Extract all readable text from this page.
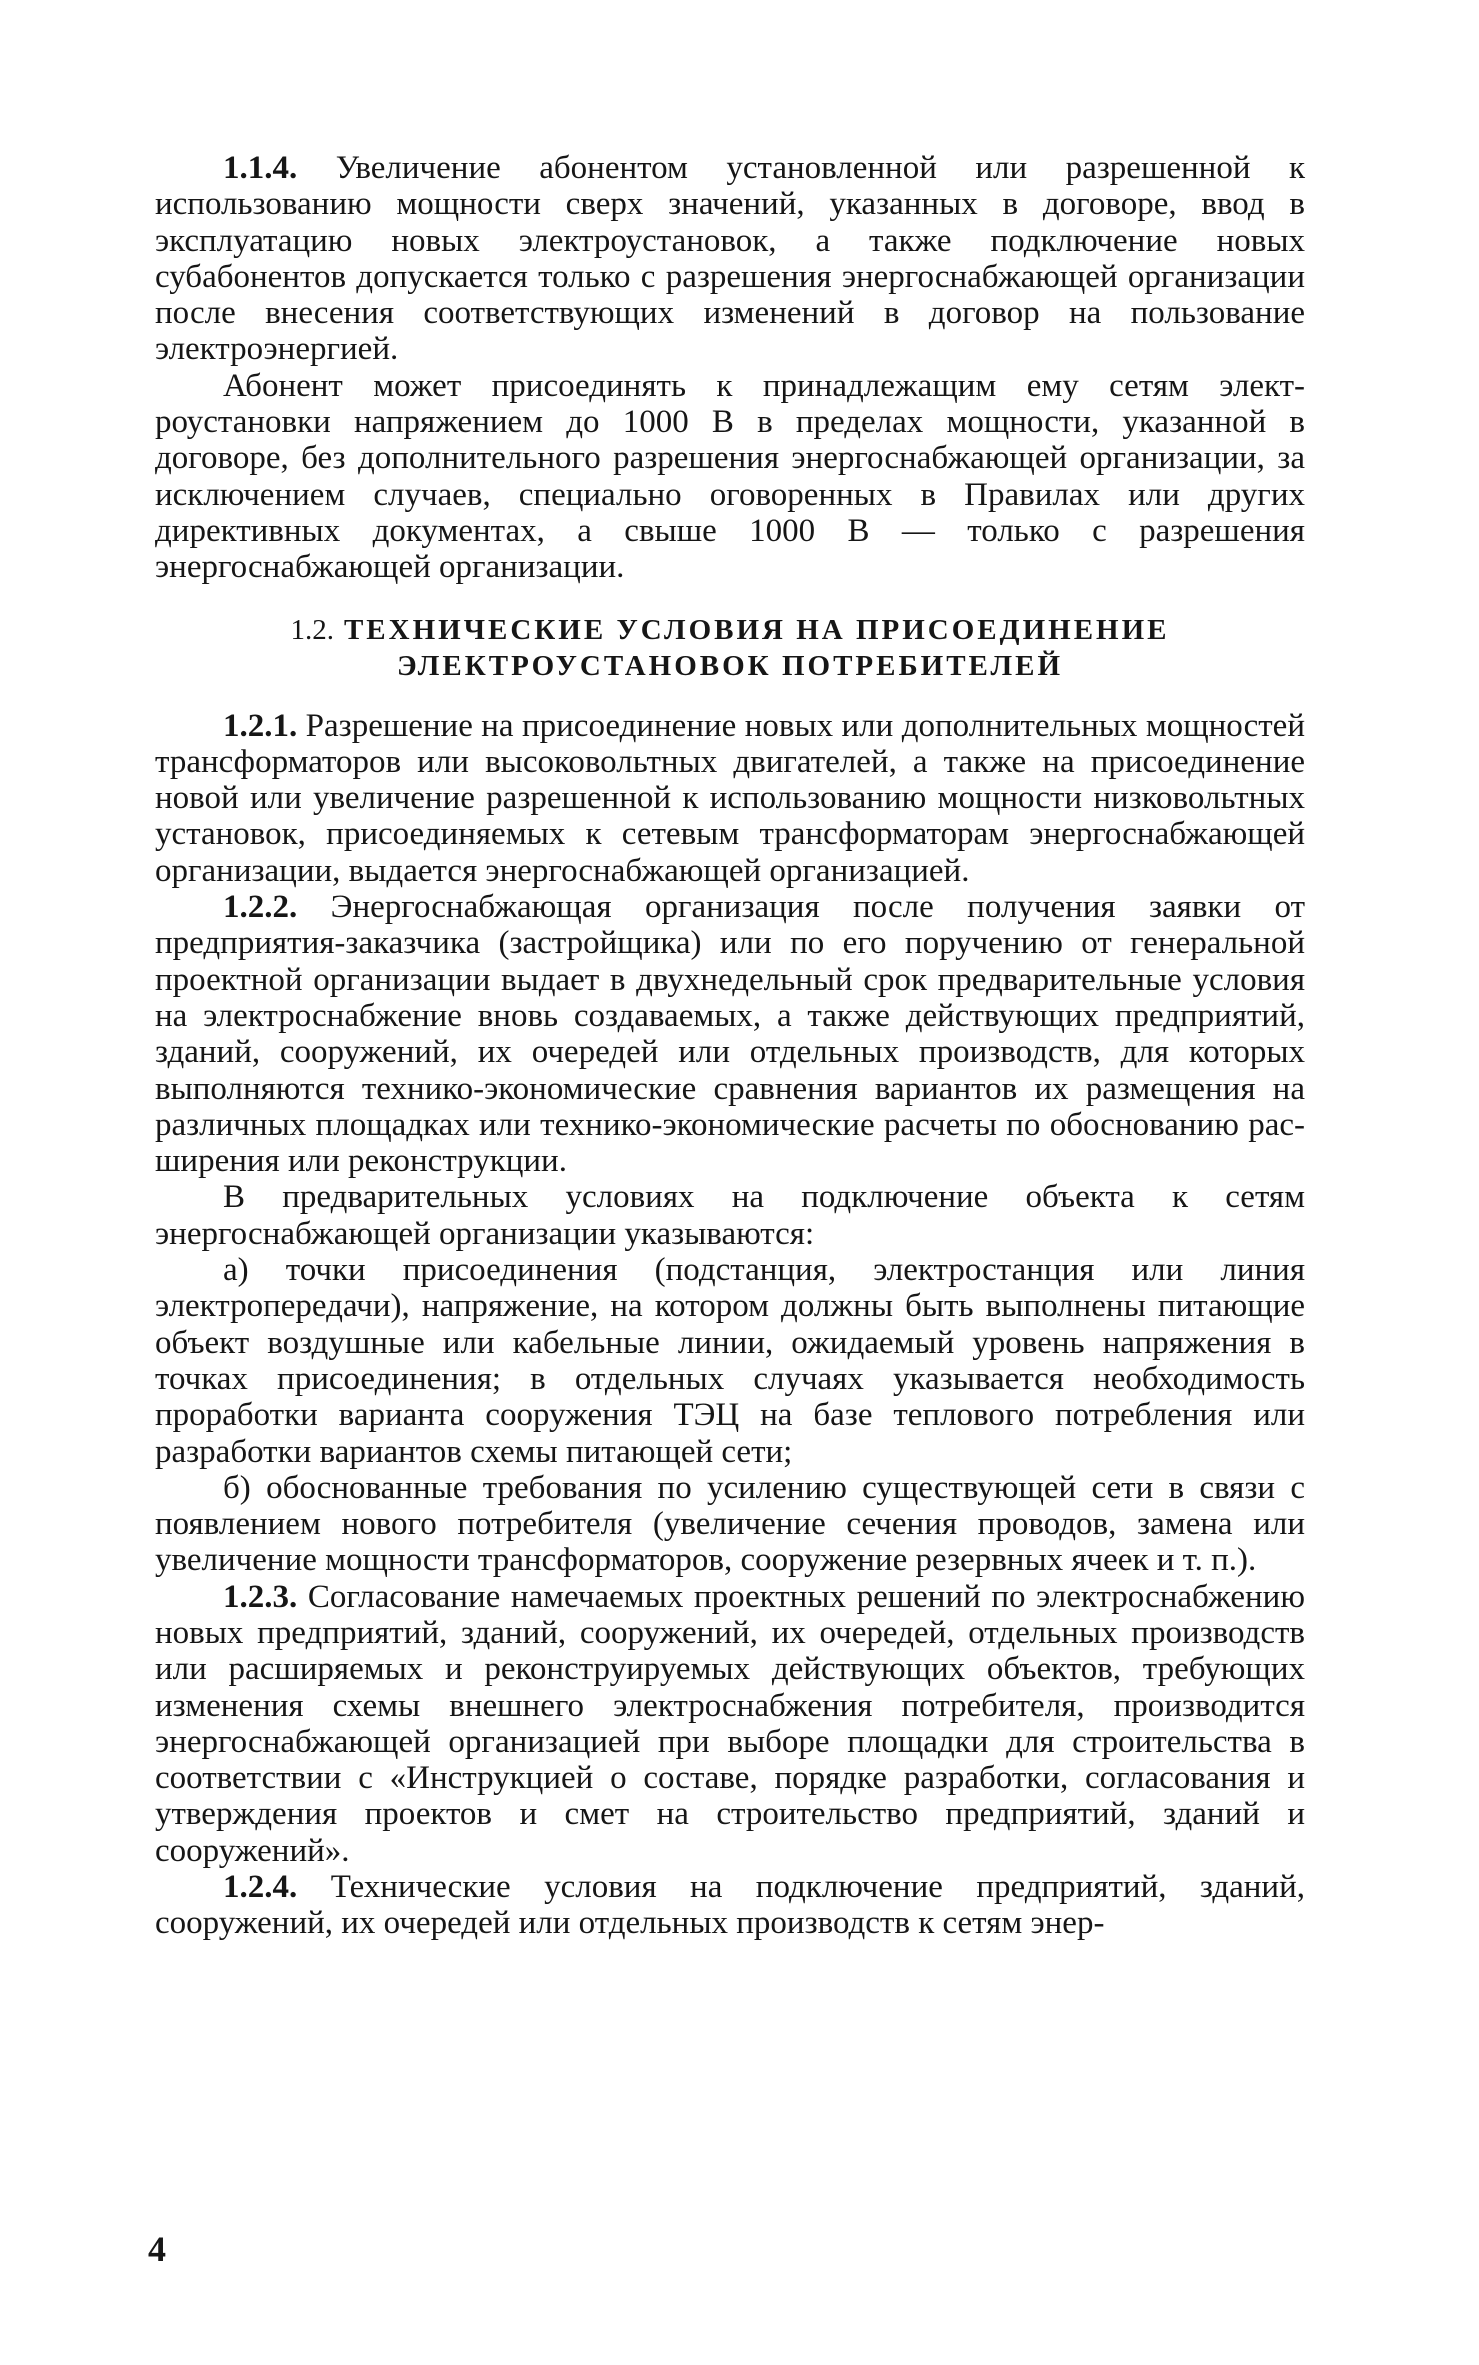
1.1.4. Увеличение абонентом установленной или разрешенной к использованию мощности сверх значений, указанных в договоре, ввод в эксплуатацию новых электроустановок, а также подключение новых субабонентов допускается только с разрешения энергоснабжающей организации после внесения соответствующих изменений в договор на пользование электроэнергией.

Абонент может присоединять к принадлежащим ему сетям электроустановки напряжением до 1000 В в пределах мощности, указанной в договоре, без дополнительного разрешения энергоснабжающей организации, за исключением случаев, специально оговоренных в Правилах или других директивных документах, а свыше 1000 В — только с разрешения энергоснабжающей организации.

1.2. ТЕХНИЧЕСКИЕ УСЛОВИЯ НА ПРИСОЕДИНЕНИЕ
ЭЛЕКТРОУСТАНОВОК ПОТРЕБИТЕЛЕЙ

1.2.1. Разрешение на присоединение новых или дополнительных мощностей трансформаторов или высоковольтных двигателей, а также на присоединение новой или увеличение разрешенной к использованию мощности низковольтных установок, присоединяемых к сетевым трансформаторам энергоснабжающей организации, выдается энергоснабжающей организацией.

1.2.2. Энергоснабжающая организация после получения заявки от предприятия-заказчика (застройщика) или по его поручению от генеральной проектной организации выдает в двухнедельный срок предварительные условия на электроснабжение вновь создаваемых, а также действующих предприятий, зданий, сооружений, их очередей или отдельных производств, для которых выполняются технико-экономические сравнения вариантов их размещения на различных площадках или технико-экономические расчеты по обоснованию расширения или реконструкции.

В предварительных условиях на подключение объекта к сетям энергоснабжающей организации указываются:

а) точки присоединения (подстанция, электростанция или линия электропередачи), напряжение, на котором должны быть выполнены питающие объект воздушные или кабельные линии, ожидаемый уровень напряжения в точках присоединения; в отдельных случаях указывается необходимость проработки варианта сооружения ТЭЦ на базе теплового потребления или разработки вариантов схемы питающей сети;

б) обоснованные требования по усилению существующей сети в связи с появлением нового потребителя (увеличение сечения проводов, замена или увеличение мощности трансформаторов, сооружение резервных ячеек и т. п.).

1.2.3. Согласование намечаемых проектных решений по электроснабжению новых предприятий, зданий, сооружений, их очередей, отдельных производств или расширяемых и реконструируемых действующих объектов, требующих изменения схемы внешнего электроснабжения потребителя, производится энергоснабжающей организацией при выборе площадки для строительства в соответствии с «Инструкцией о составе, порядке разработки, согласования и утверждения проектов и смет на строительство предприятий, зданий и сооружений».

1.2.4. Технические условия на подключение предприятий, зданий, сооружений, их очередей или отдельных производств к сетям энер-

4
